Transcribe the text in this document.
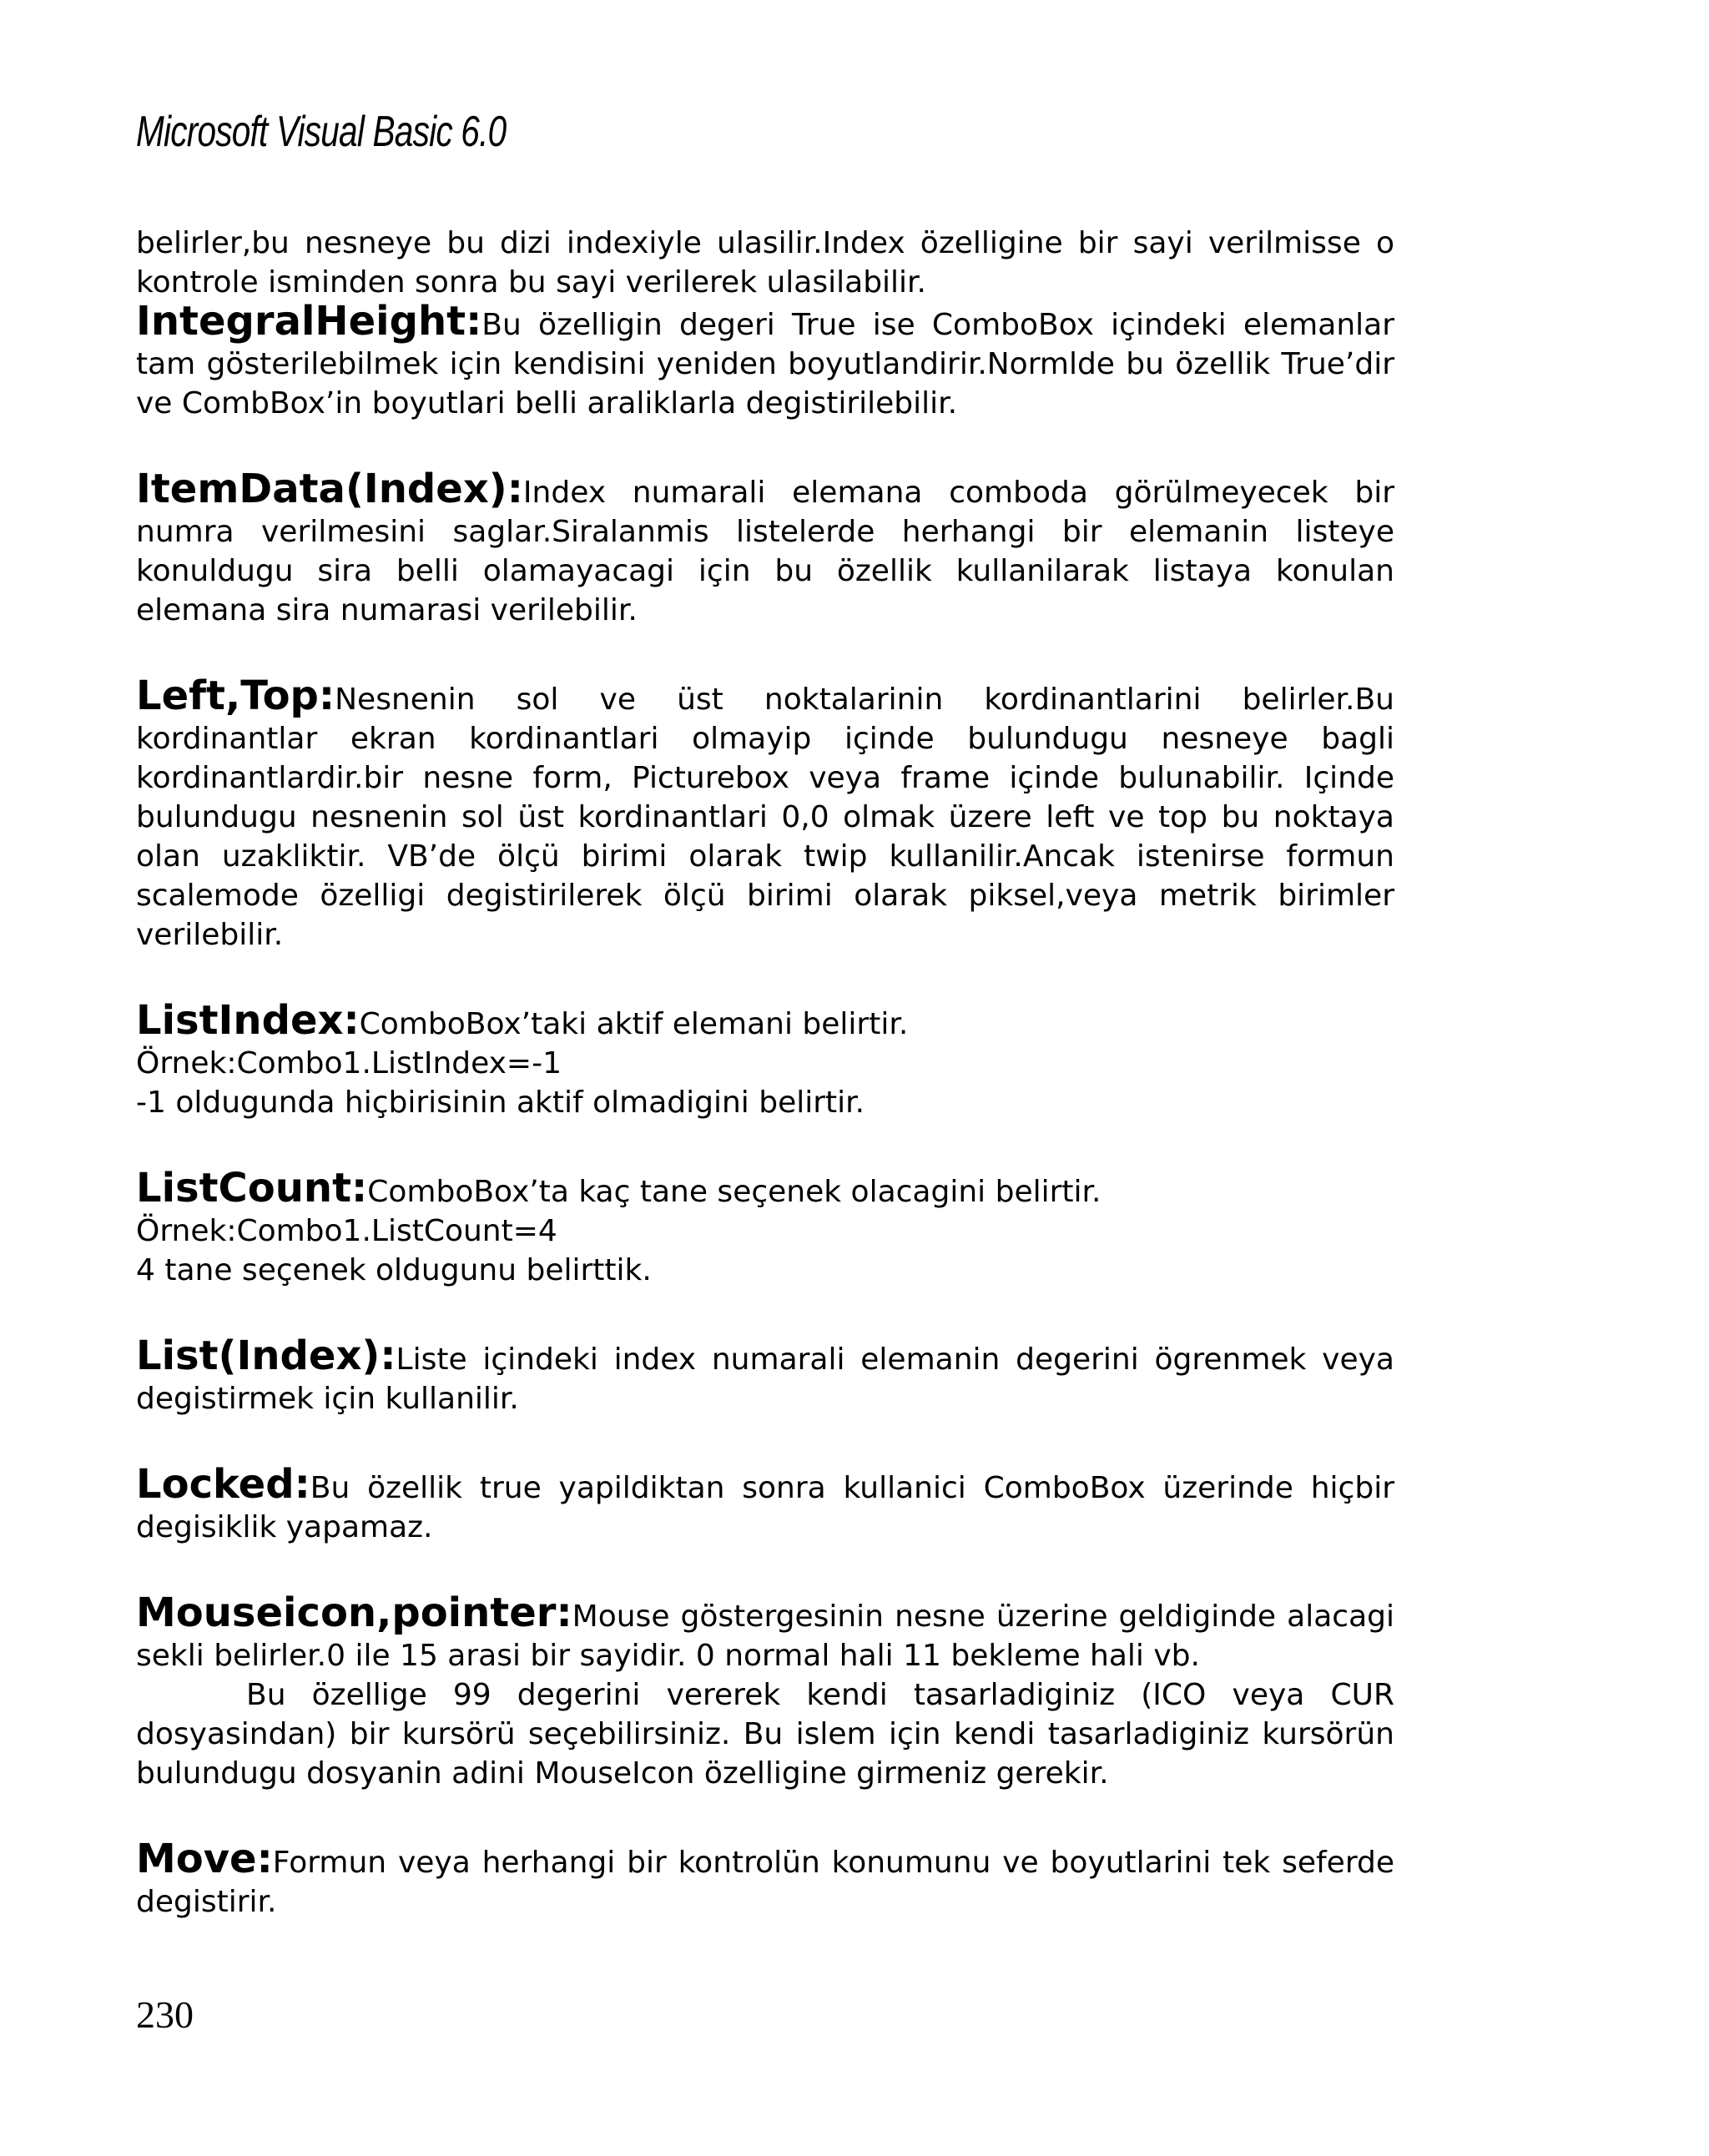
Microsoft Visual Basic 6.0

belirler,bu nesneye bu dizi indexiyle ulasilir.Index özelligine bir sayi verilmisse o kontrole isminden sonra bu sayi verilerek ulasilabilir.

IntegralHeight:Bu özelligin degeri True ise ComboBox içindeki elemanlar tam gösterilebilmek için kendisini yeniden boyutlandirir.Normlde bu özellik True’dir ve CombBox’in boyutlari belli araliklarla degistirilebilir.

ItemData(Index):Index numarali elemana comboda görülmeyecek bir numra verilmesini saglar.Siralanmis listelerde herhangi bir elemanin listeye konuldugu sira belli olamayacagi için bu özellik kullanilarak listaya konulan elemana sira numarasi verilebilir.

Left,Top:Nesnenin sol ve üst noktalarinin kordinantlarini belirler.Bu kordinantlar ekran kordinantlari olmayip içinde bulundugu nesneye bagli kordinantlardir.bir nesne form, Picturebox veya frame içinde bulunabilir. Içinde bulundugu nesnenin sol üst kordinantlari 0,0 olmak üzere left ve top bu noktaya olan uzakliktir. VB’de ölçü birimi olarak twip kullanilir.Ancak istenirse formun scalemode özelligi degistirilerek ölçü birimi olarak piksel,veya metrik birimler verilebilir.

ListIndex:ComboBox’taki aktif elemani belirtir.

Örnek:Combo1.ListIndex=-1

-1 oldugunda hiçbirisinin aktif olmadigini belirtir.

ListCount:ComboBox’ta kaç tane seçenek olacagini belirtir.

Örnek:Combo1.ListCount=4

4 tane seçenek oldugunu belirttik.

List(Index):Liste içindeki index numarali elemanin degerini ögrenmek veya degistirmek için kullanilir.

Locked:Bu özellik true yapildiktan sonra kullanici ComboBox üzerinde hiçbir degisiklik yapamaz.

Mouseicon,pointer:Mouse göstergesinin nesne üzerine geldiginde alacagi sekli belirler.0 ile 15 arasi bir sayidir. 0 normal hali 11 bekleme hali vb.

Bu özellige 99 degerini vererek kendi tasarladiginiz (ICO veya CUR dosyasindan) bir kursörü seçebilirsiniz. Bu islem için kendi tasarladiginiz kursörün bulundugu dosyanin adini MouseIcon özelligine girmeniz gerekir.

Move:Formun veya herhangi bir kontrolün konumunu ve boyutlarini tek seferde degistirir.

230
